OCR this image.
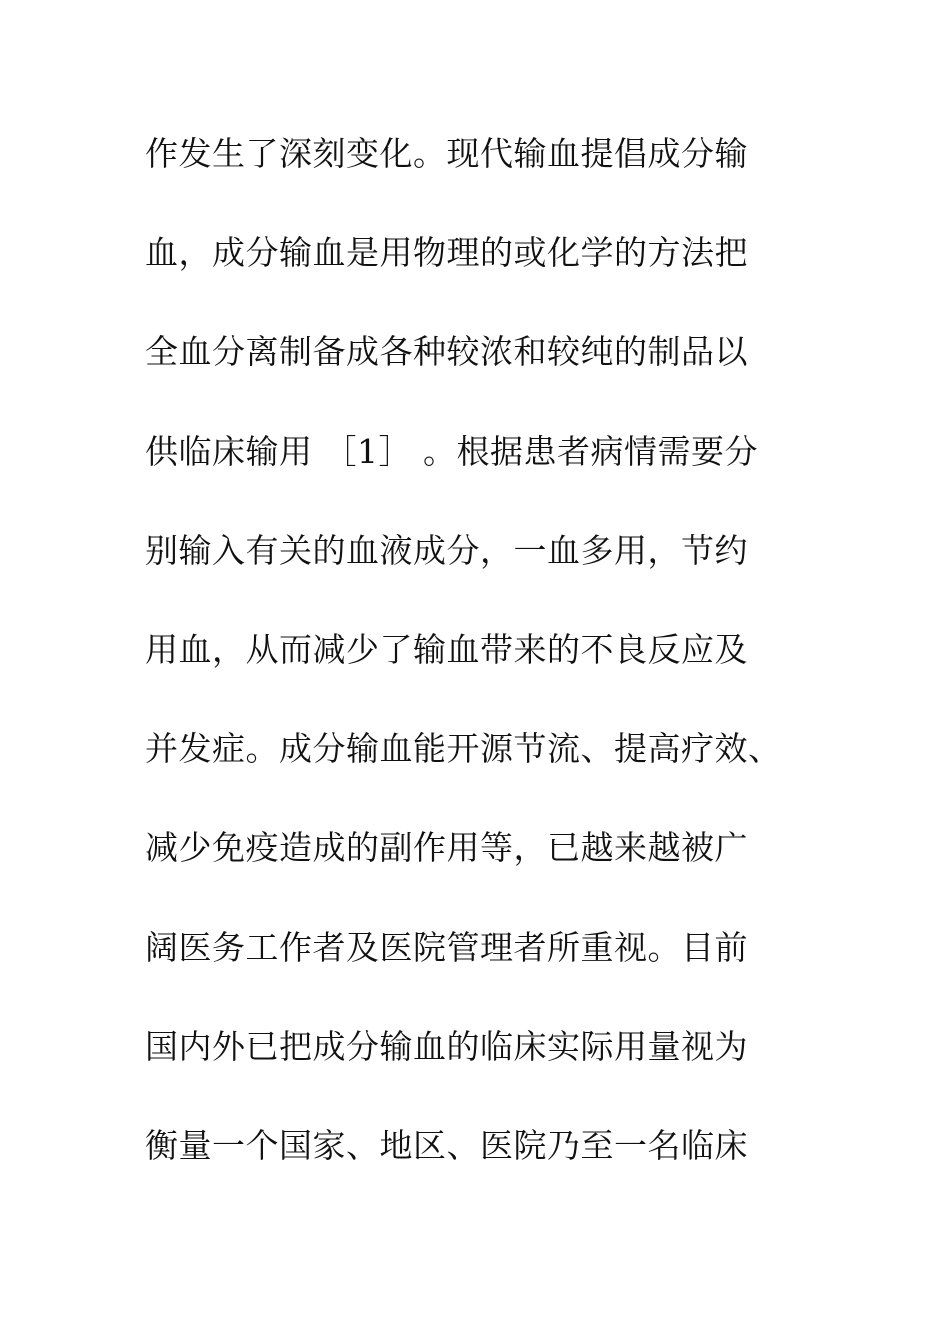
作发生了深刻变化。现代输血提倡成分输
血，成分输血是用物理的或化学的方法把
全血分离制备成各种较浓和较纯的制品以
供临床输用 ［1］ 。根据患者病情需要分
别输入有关的血液成分，一血多用，节约
用血，从而减少了输血带来的不良反应及
并发症。成分输血能开源节流、提高疗效、
减少免疫造成的副作用等，已越来越被广
阔医务工作者及医院管理者所重视。目前
国内外已把成分输血的临床实际用量视为
衡量一个国家、地区、医院乃至一名临床
